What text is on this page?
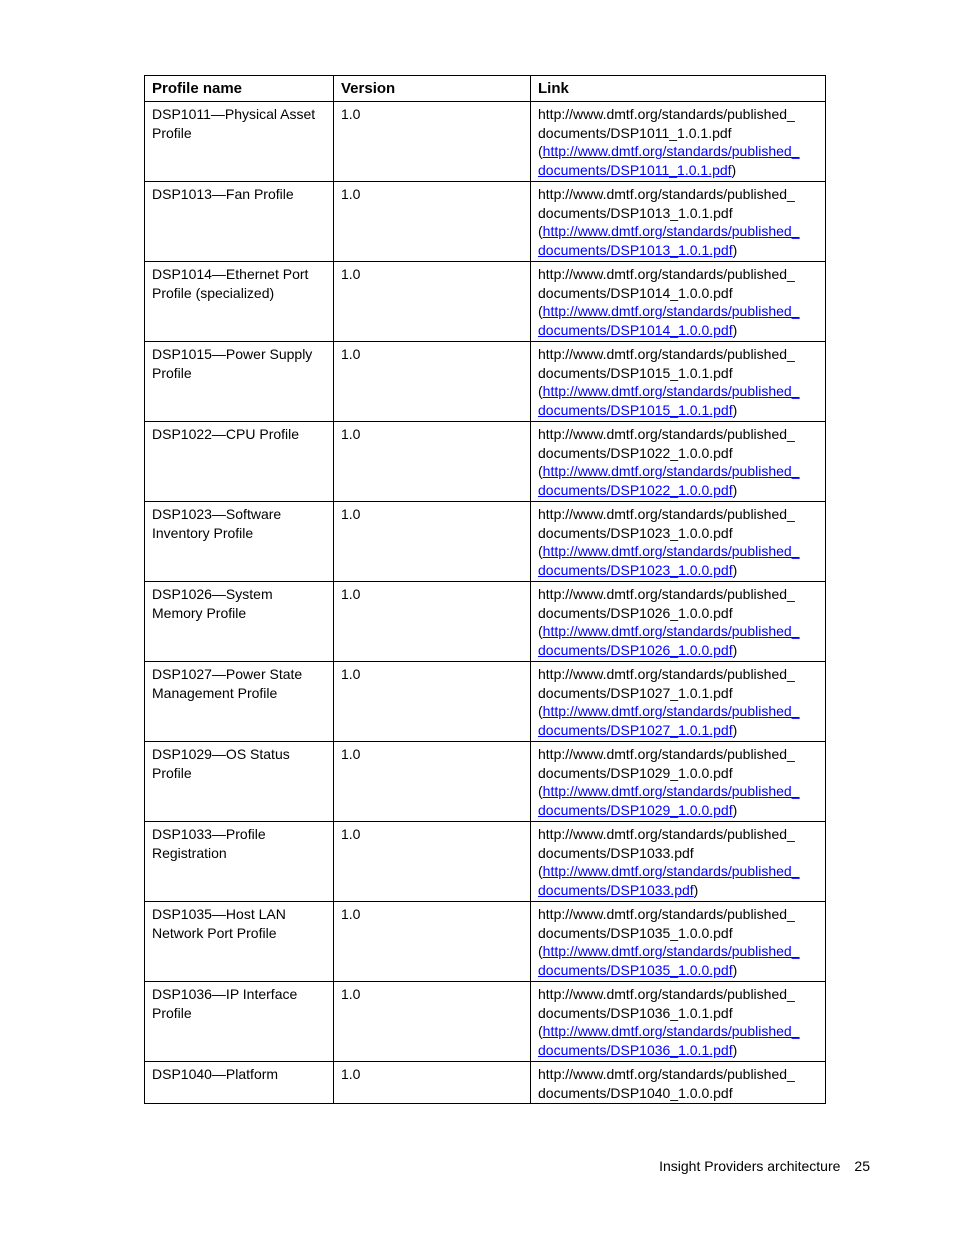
Profile name	Version	Link
DSP1011—Physical Asset Profile	1.0	http://www.dmtf.org/standards/published_
documents/DSP1011_1.0.1.pdf
(http://www.dmtf.org/standards/published_
documents/DSP1011_1.0.1.pdf)

DSP1013—Fan Profile	1.0	http://www.dmtf.org/standards/published_
documents/DSP1013_1.0.1.pdf
(http://www.dmtf.org/standards/published_
documents/DSP1013_1.0.1.pdf)

DSP1014—Ethernet Port Profile (specialized)	1.0	http://www.dmtf.org/standards/published_
documents/DSP1014_1.0.0.pdf
(http://www.dmtf.org/standards/published_
documents/DSP1014_1.0.0.pdf)

DSP1015—Power Supply Profile	1.0	http://www.dmtf.org/standards/published_
documents/DSP1015_1.0.1.pdf
(http://www.dmtf.org/standards/published_
documents/DSP1015_1.0.1.pdf)

DSP1022—CPU Profile	1.0	http://www.dmtf.org/standards/published_
documents/DSP1022_1.0.0.pdf
(http://www.dmtf.org/standards/published_
documents/DSP1022_1.0.0.pdf)

DSP1023—Software Inventory Profile	1.0	http://www.dmtf.org/standards/published_
documents/DSP1023_1.0.0.pdf
(http://www.dmtf.org/standards/published_
documents/DSP1023_1.0.0.pdf)

DSP1026—System Memory Profile	1.0	http://www.dmtf.org/standards/published_
documents/DSP1026_1.0.0.pdf
(http://www.dmtf.org/standards/published_
documents/DSP1026_1.0.0.pdf)

DSP1027—Power State Management Profile	1.0	http://www.dmtf.org/standards/published_
documents/DSP1027_1.0.1.pdf
(http://www.dmtf.org/standards/published_
documents/DSP1027_1.0.1.pdf)

DSP1029—OS Status Profile	1.0	http://www.dmtf.org/standards/published_
documents/DSP1029_1.0.0.pdf
(http://www.dmtf.org/standards/published_
documents/DSP1029_1.0.0.pdf)

DSP1033—Profile Registration	1.0	http://www.dmtf.org/standards/published_
documents/DSP1033.pdf
(http://www.dmtf.org/standards/published_
documents/DSP1033.pdf)

DSP1035—Host LAN Network Port Profile	1.0	http://www.dmtf.org/standards/published_
documents/DSP1035_1.0.0.pdf
(http://www.dmtf.org/standards/published_
documents/DSP1035_1.0.0.pdf)

DSP1036—IP Interface Profile	1.0	http://www.dmtf.org/standards/published_
documents/DSP1036_1.0.1.pdf
(http://www.dmtf.org/standards/published_
documents/DSP1036_1.0.1.pdf)

DSP1040—Platform	1.0	http://www.dmtf.org/standards/published_
documents/DSP1040_1.0.0.pdf
Insight Providers architecture 25
